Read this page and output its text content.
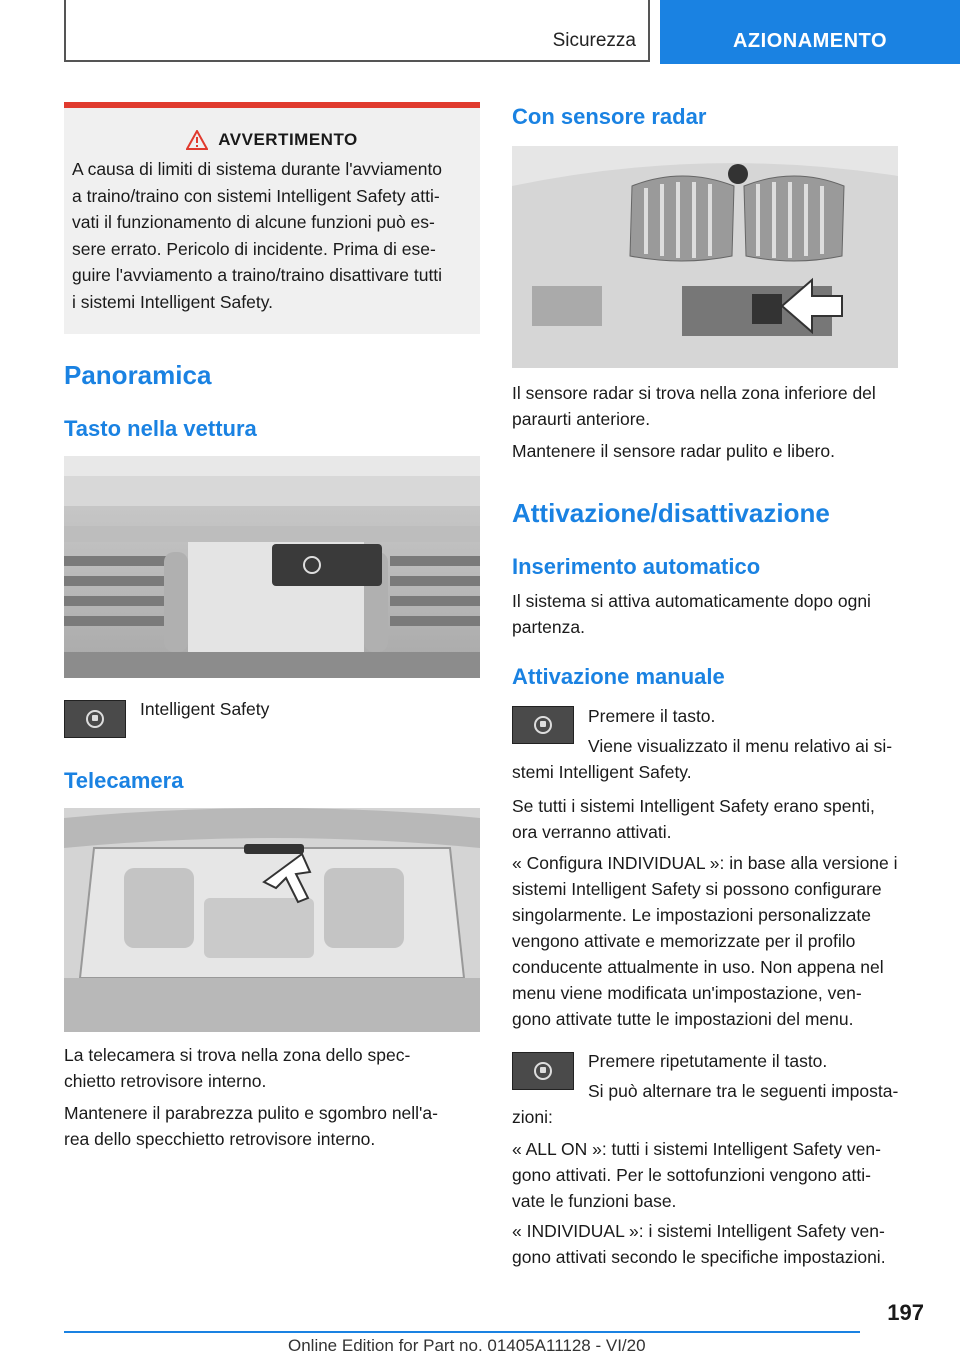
Sicurezza	AZIONAMENTO
AVVERTIMENTO
A causa di limiti di sistema durante l'avviamento
a traino/traino con sistemi Intelligent Safety atti-
vati il funzionamento di alcune funzioni può es-
sere errato. Pericolo di incidente. Prima di ese-
guire l'avviamento a traino/traino disattivare tutti
i sistemi Intelligent Safety.
Panoramica
Tasto nella vettura

Intelligent Safety

Telecamera

La telecamera si trova nella zona dello spec-
chietto retrovisore interno.

Mantenere il parabrezza pulito e sgombro nell'a-
rea dello specchietto retrovisore interno.

Con sensore radar

Il sensore radar si trova nella zona inferiore del
paraurti anteriore.

Mantenere il sensore radar pulito e libero.

Attivazione/disattivazione
Inserimento automatico

Il sistema si attiva automaticamente dopo ogni
partenza.

Attivazione manuale

Premere il tasto.

Viene visualizzato il menu relativo ai si-

stemi Intelligent Safety.

Se tutti i sistemi Intelligent Safety erano spenti,
ora verranno attivati.

« Configura INDIVIDUAL »: in base alla versione i
sistemi Intelligent Safety si possono configurare
singolarmente. Le impostazioni personalizzate
vengono attivate e memorizzate per il profilo
conducente attualmente in uso. Non appena nel
menu viene modificata un'impostazione, ven-
gono attivate tutte le impostazioni del menu.

Premere ripetutamente il tasto.

Si può alternare tra le seguenti imposta-

zioni:

« ALL ON »: tutti i sistemi Intelligent Safety ven-
gono attivati. Per le sottofunzioni vengono atti-
vate le funzioni base.

« INDIVIDUAL »: i sistemi Intelligent Safety ven-
gono attivati secondo le specifiche impostazioni.

197
Online Edition for Part no. 01405A11128 - VI/20
